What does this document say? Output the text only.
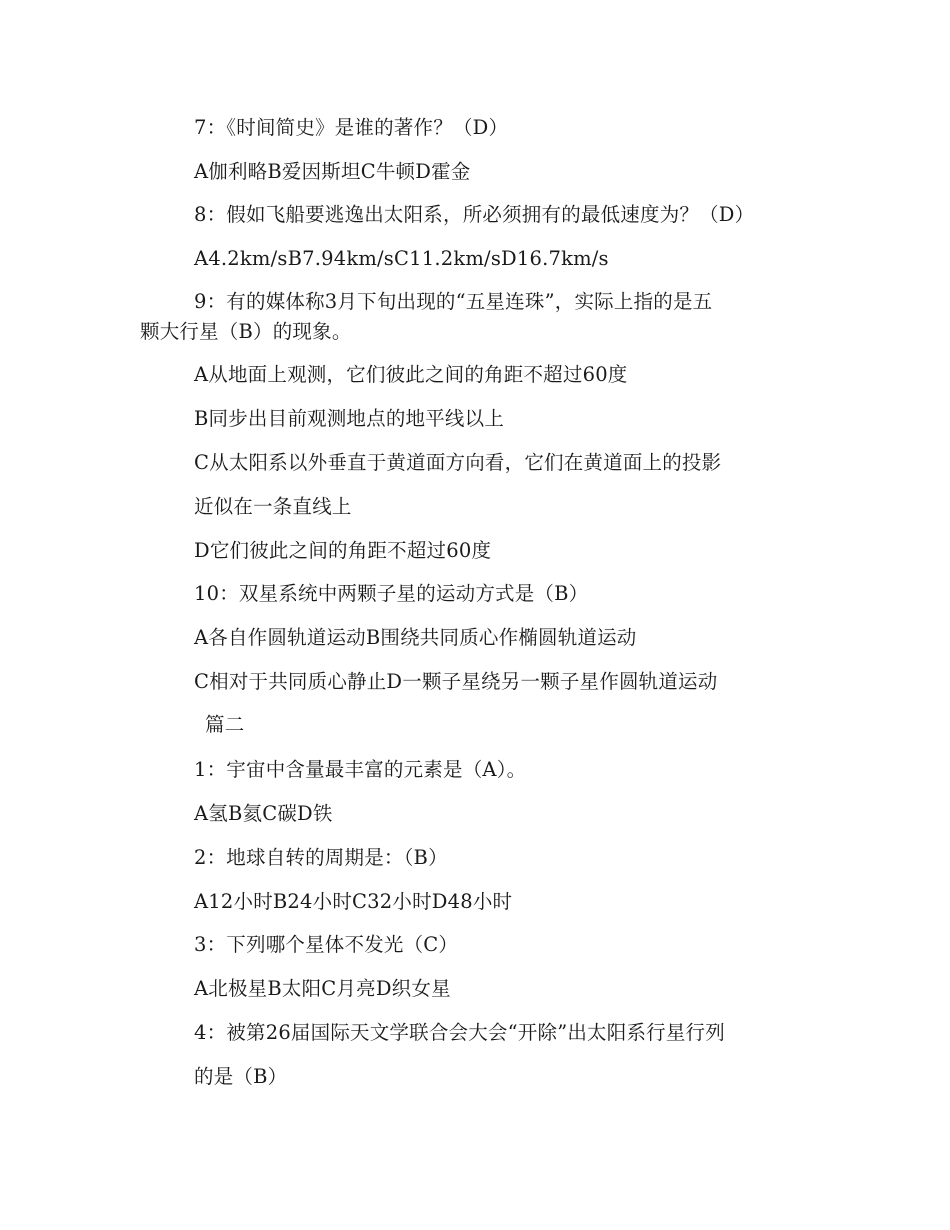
7：《时间简史》是谁的著作？（D）
A伽利略B爱因斯坦C牛顿D霍金
8：假如飞船要逃逸出太阳系，所必须拥有的最低速度为？（D）
A4.2km/sB7.94km/sC11.2km/sD16.7km/s
9：有的媒体称3月下旬出现的“五星连珠”，实际上指的是五
颗大行星（B）的现象。
A从地面上观测，它们彼此之间的角距不超过60度
B同步出目前观测地点的地平线以上
C从太阳系以外垂直于黄道面方向看，它们在黄道面上的投影
近似在一条直线上
D它们彼此之间的角距不超过60度
10：双星系统中两颗子星的运动方式是（B）
A各自作圆轨道运动B围绕共同质心作椭圆轨道运动
C相对于共同质心静止D一颗子星绕另一颗子星作圆轨道运动
篇二
1：宇宙中含量最丰富的元素是（A）。
A氢B氦C碳D铁
2：地球自转的周期是：（B）
A12小时B24小时C32小时D48小时
3：下列哪个星体不发光（C）
A北极星B太阳C月亮D织女星
4：被第26届国际天文学联合会大会“开除”出太阳系行星行列
的是（B）
